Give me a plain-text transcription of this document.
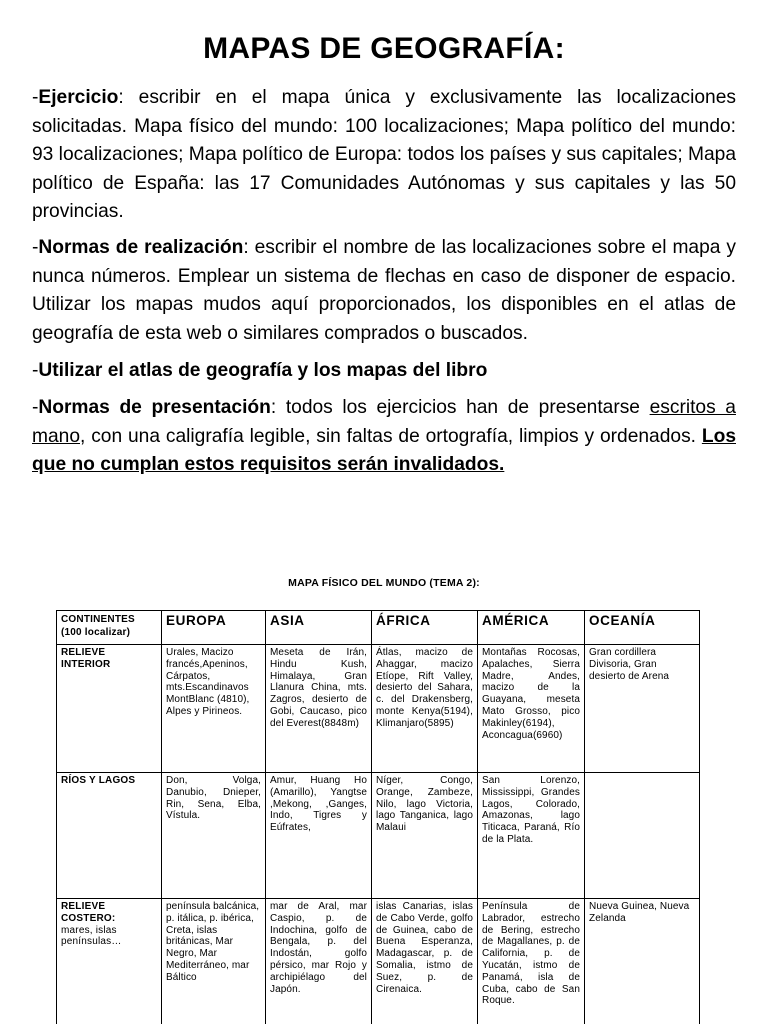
MAPAS DE GEOGRAFÍA:

-Ejercicio: escribir en el mapa única y exclusivamente las localizaciones solicitadas. Mapa físico del mundo: 100 localizaciones; Mapa político del mundo: 93 localizaciones; Mapa político de Europa: todos los países y sus capitales; Mapa político de España: las 17 Comunidades Autónomas y sus capitales y las 50 provincias.

-Normas de realización: escribir el nombre de las localizaciones sobre el mapa y nunca números. Emplear un sistema de flechas en caso de disponer de espacio. Utilizar los mapas mudos aquí proporcionados, los disponibles en el atlas de geografía de esta web o similares comprados o buscados.

-Utilizar el atlas de geografía y los mapas del libro

-Normas de presentación: todos los ejercicios han de presentarse escritos a mano, con una caligrafía legible, sin faltas de ortografía, limpios y ordenados. Los que no cumplan estos requisitos serán invalidados.

MAPA FÍSICO DEL MUNDO (TEMA 2):
CONTINENTES (100 localizar)	EUROPA	ASIA	ÁFRICA	AMÉRICA	OCEANÍA
RELIEVE INTERIOR	Urales, Macizo francés,Apeninos, Cárpatos, mts.Escandinavos MontBlanc (4810), Alpes y Pirineos.	Meseta de Irán, Hindu Kush, Himalaya, Gran Llanura China, mts. Zagros, desierto de Gobi, Caucaso, pico del Everest(8848m)	Átlas, macizo de Ahaggar, macizo Etíope, Rift Valley, desierto del Sahara, c. del Drakensberg, monte Kenya(5194), Klimanjaro(5895)	Montañas Rocosas, Apalaches, Sierra Madre, Andes, macizo de la Guayana, meseta Mato Grosso, pico Makinley(6194), Aconcagua(6960)	Gran cordillera Divisoria, Gran desierto de Arena
RÍOS Y LAGOS	Don, Volga, Danubio, Dnieper, Rin, Sena, Elba, Vístula.	Amur, Huang Ho (Amarillo), Yangtse ,Mekong, ,Ganges, Indo, Tigres y Eúfrates,	Níger, Congo, Orange, Zambeze, Nilo, lago Victoria, lago Tanganica, lago Malaui	San Lorenzo, Mississippi, Grandes Lagos, Colorado, Amazonas, lago Titicaca, Paraná, Río de la Plata.	
RELIEVE COSTERO:
mares, islas penínsulas…	península balcánica, p. itálica, p. ibérica, Creta, islas británicas, Mar Negro, Mar Mediterráneo, mar Báltico	mar de Aral, mar Caspio, p. de Indochina, golfo de Bengala, p. del Indostán, golfo pérsico, mar Rojo y archipiélago del Japón.	islas Canarias, islas de Cabo Verde, golfo de Guinea, cabo de Buena Esperanza, Madagascar, p. de Somalia, istmo de Suez, p. de Cirenaica.	Península de Labrador, estrecho de Bering, estrecho de Magallanes, p. de California, p. de Yucatán, istmo de Panamá, isla de Cuba, cabo de San Roque.	Nueva Guinea, Nueva Zelanda
